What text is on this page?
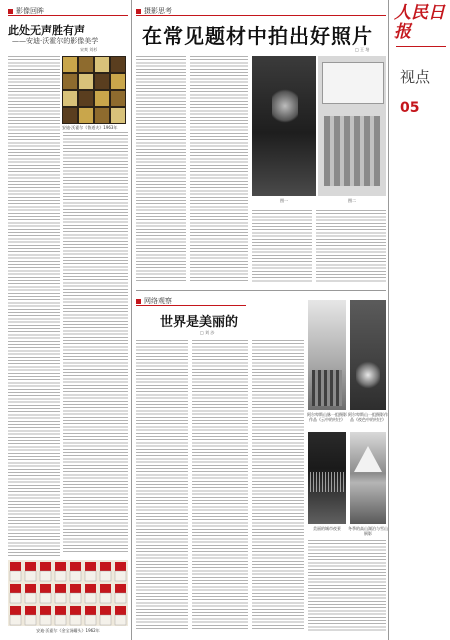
人民日报
视点
05
影像回眸
此处无声胜有声
——安迪·沃霍尔的影像美学
宋爽 刘杉
安迪·沃霍尔《鲁道夫》1963年
安迪·沃霍尔《金宝汤罐头》1962年
摄影思考
在常见题材中拍出好照片
□ 王 培
图一	图二
网络观察
世界是美丽的
□ 刘 沙
阿尔卑斯山脉一组摄影作品《云中的村庄》
阿尔卑斯山一组摄影作品《夜色中的村庄》
美丽的城市夜景	冬季的高山湖泊与雪山倒影
